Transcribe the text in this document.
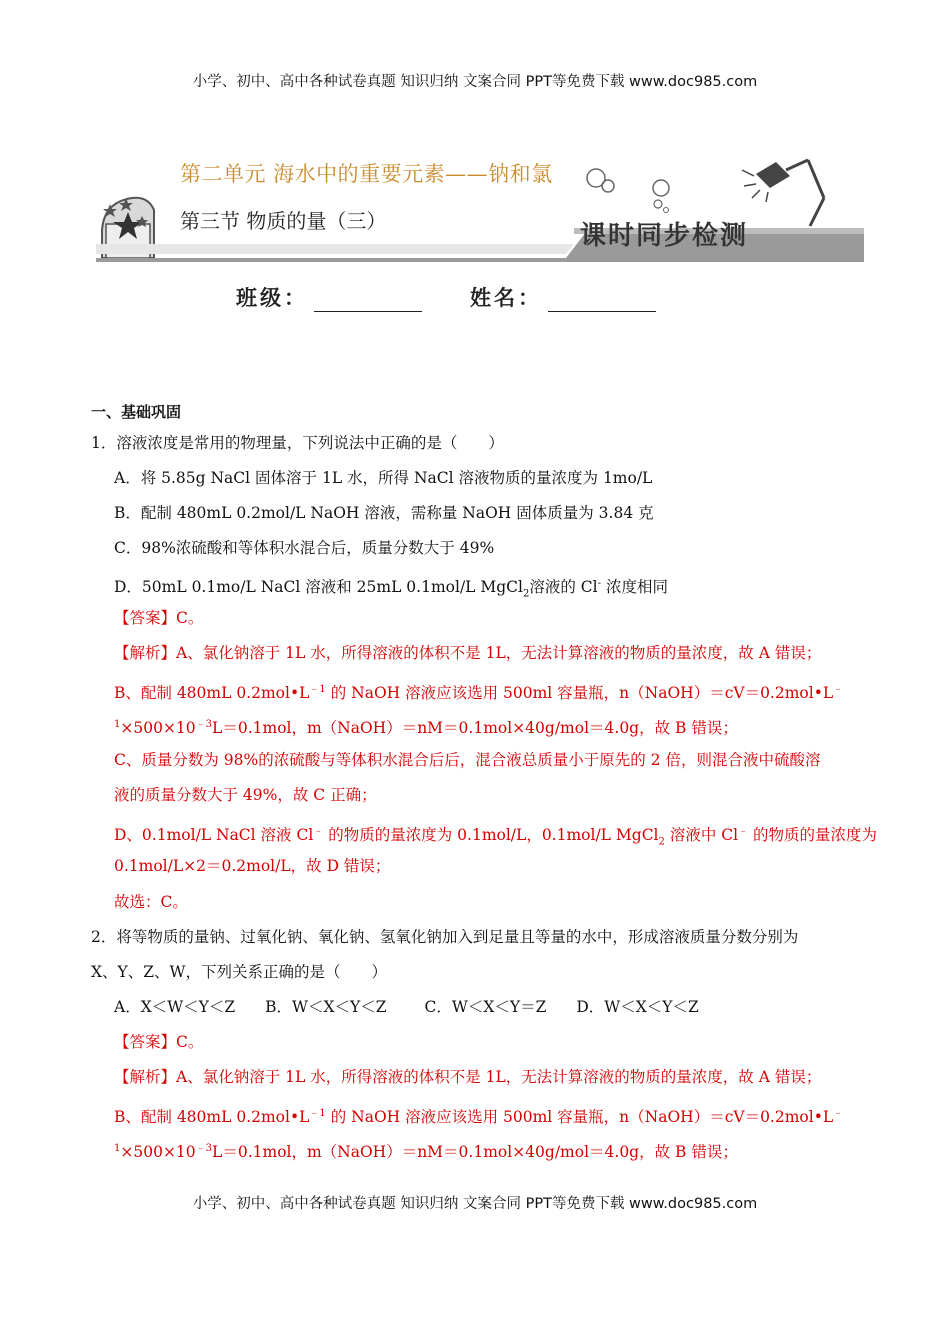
小学、初中、高中各种试卷真题 知识归纳 文案合同 PPT等免费下载 www.doc985.com
第二单元 海水中的重要元素——钠和氯
第三节 物质的量（三）	课时同步检测
班级：	姓名：

一、基础巩固

1．溶液浓度是常用的物理量，下列说法中正确的是（　　）

A．将 5.85g NaCl 固体溶于 1L 水，所得 NaCl 溶液物质的量浓度为 1mo/L

B．配制 480mL 0.2mol/L NaOH 溶液，需称量 NaOH 固体质量为 3.84 克

C．98%浓硫酸和等体积水混合后，质量分数大于 49%

D．50mL 0.1mo/L NaCl 溶液和 25mL 0.1mol/L MgCl$_2$溶液的 Cl- 浓度相同

【答案】C。

【解析】A、氯化钠溶于 1L 水，所得溶液的体积不是 1L，无法计算溶液的物质的量浓度，故 A 错误；

B、配制 480mL $0.2mol•L^{﹣1}$ 的 NaOH 溶液应该选用 500ml 容量瓶，n（NaOH）＝cV＝0.2mol•L﹣

$^1\times 500\times 10^{﹣3}L=0.1mol$，m（NaOH）＝nM＝0.1mol×40g/mol＝4.0g，故 B 错误；

C、质量分数为 98%的浓硫酸与等体积水混合后后，混合液总质量小于原先的 2 倍，则混合液中硫酸溶

液的质量分数大于 49%，故 C 正确；

D、0.1mol/L NaCl 溶液 Cl﹣ 的物质的量浓度为 0.1mol/L，0.1mol/L MgCl$_2$ 溶液中 Cl﹣ 的物质的量浓度为

0.1mol/L×2＝0.2mol/L，故 D 错误；

故选：C。

2．将等物质的量钠、过氧化钠、氧化钠、氢氧化钠加入到足量且等量的水中，形成溶液质量分数分别为

X、Y、Z、W，下列关系正确的是（　　）

A．X＜W＜Y＜Z B．W＜X＜Y＜Z C．W＜X＜Y＝Z D．W＜X＜Y＜Z

【答案】C。

【解析】A、氯化钠溶于 1L 水，所得溶液的体积不是 1L，无法计算溶液的物质的量浓度，故 A 错误；

B、配制 480mL $0.2mol•L^{﹣1}$ 的 NaOH 溶液应该选用 500ml 容量瓶，n（NaOH）＝cV＝0.2mol•L﹣

$^1\times 500\times 10^{﹣3}L=0.1mol$，m（NaOH）＝nM＝0.1mol×40g/mol＝4.0g，故 B 错误；

小学、初中、高中各种试卷真题 知识归纳 文案合同 PPT等免费下载 www.doc985.com
